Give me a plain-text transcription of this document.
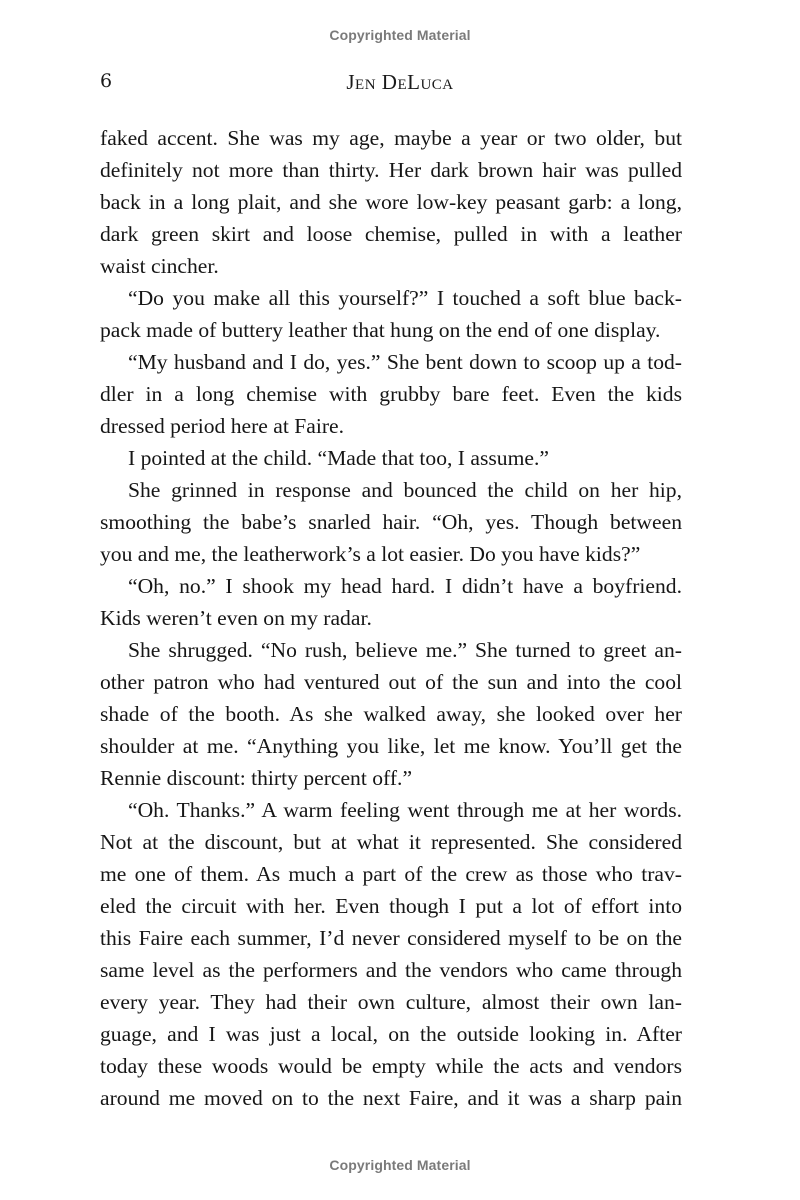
Copyrighted Material
6	Jen DeLuca
faked accent. She was my age, maybe a year or two older, but
definitely not more than thirty. Her dark brown hair was pulled
back in a long plait, and she wore low-key peasant garb: a long,
dark green skirt and loose chemise, pulled in with a leather
waist cincher.
“Do you make all this yourself?” I touched a soft blue back-
pack made of buttery leather that hung on the end of one display.
“My husband and I do, yes.” She bent down to scoop up a tod-
dler in a long chemise with grubby bare feet. Even the kids
dressed period here at Faire.
I pointed at the child. “Made that too, I assume.”
She grinned in response and bounced the child on her hip,
smoothing the babe’s snarled hair. “Oh, yes. Though between
you and me, the leatherwork’s a lot easier. Do you have kids?”
“Oh, no.” I shook my head hard. I didn’t have a boyfriend.
Kids weren’t even on my radar.
She shrugged. “No rush, believe me.” She turned to greet an-
other patron who had ventured out of the sun and into the cool
shade of the booth. As she walked away, she looked over her
shoulder at me. “Anything you like, let me know. You’ll get the
Rennie discount: thirty percent off.”
“Oh. Thanks.” A warm feeling went through me at her words.
Not at the discount, but at what it represented. She considered
me one of them. As much a part of the crew as those who trav-
eled the circuit with her. Even though I put a lot of effort into
this Faire each summer, I’d never considered myself to be on the
same level as the performers and the vendors who came through
every year. They had their own culture, almost their own lan-
guage, and I was just a local, on the outside looking in. After
today these woods would be empty while the acts and vendors
around me moved on to the next Faire, and it was a sharp pain
Copyrighted Material
